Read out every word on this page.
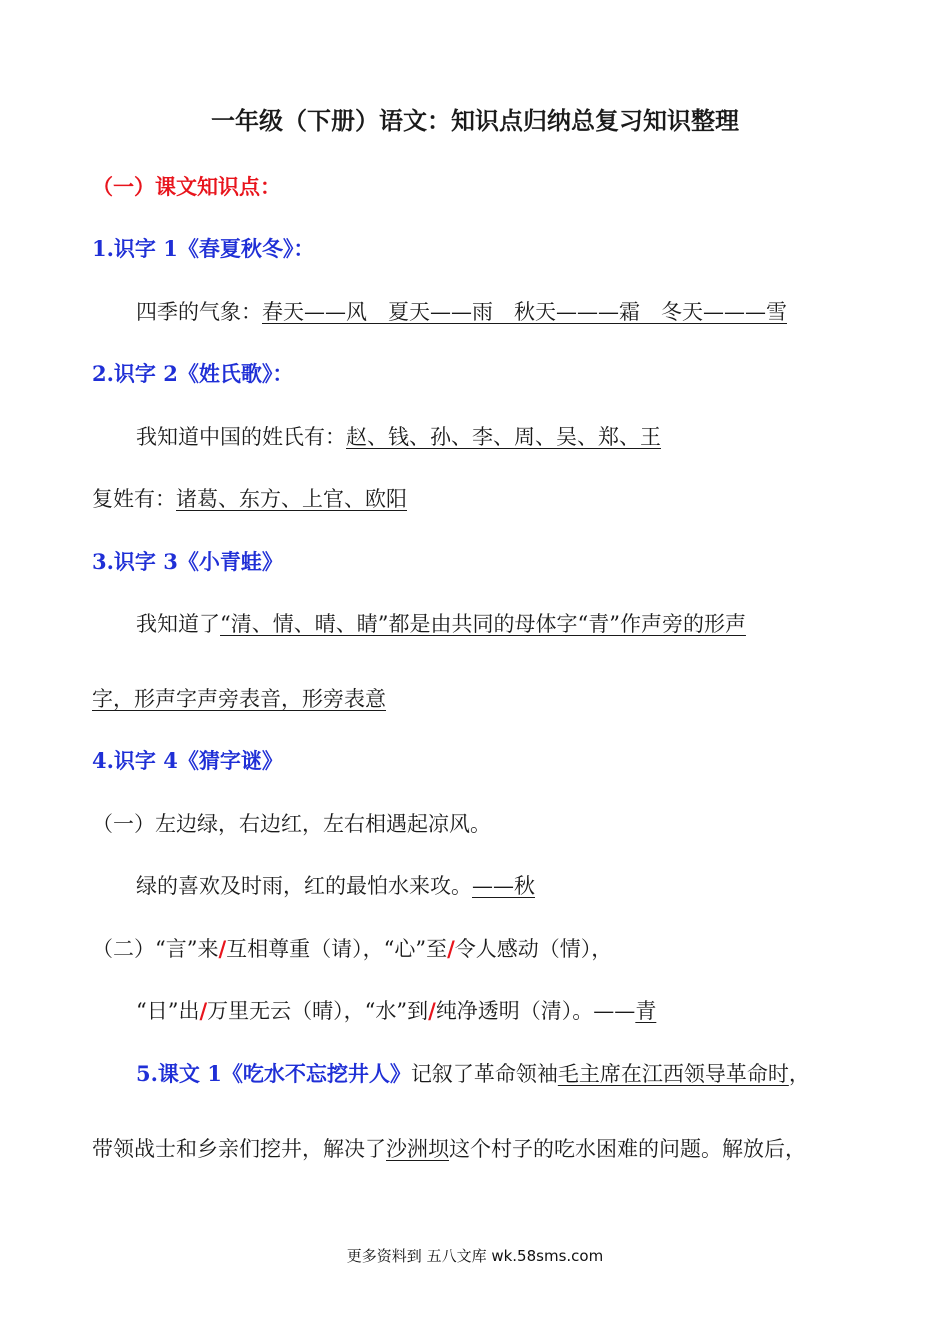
一年级（下册）语文：知识点归纳总复习知识整理
（一）课文知识点：
1.识字 1《春夏秋冬》：
四季的气象：春天——风　夏天——雨　秋天———霜　冬天———雪
2.识字 2《姓氏歌》：
我知道中国的姓氏有：赵、钱、孙、李、周、吴、郑、王
复姓有：诸葛、东方、上官、欧阳
3.识字 3《小青蛙》
我知道了“清、情、晴、睛”都是由共同的母体字“青”作声旁的形声
字，形声字声旁表音，形旁表意
4.识字 4《猜字谜》
（一）左边绿，右边红，左右相遇起凉风。
绿的喜欢及时雨，红的最怕水来攻。——秋
（二）“言”来/互相尊重（请），“心”至/令人感动（情），
“日”出/万里无云（晴），“水”到/纯净透明（清）。——青
5.课文 1《吃水不忘挖井人》记叙了革命领袖毛主席在江西领导革命时，
带领战士和乡亲们挖井，解决了沙洲坝这个村子的吃水困难的问题。解放后，
更多资料到 五八文库 wk.58sms.com
